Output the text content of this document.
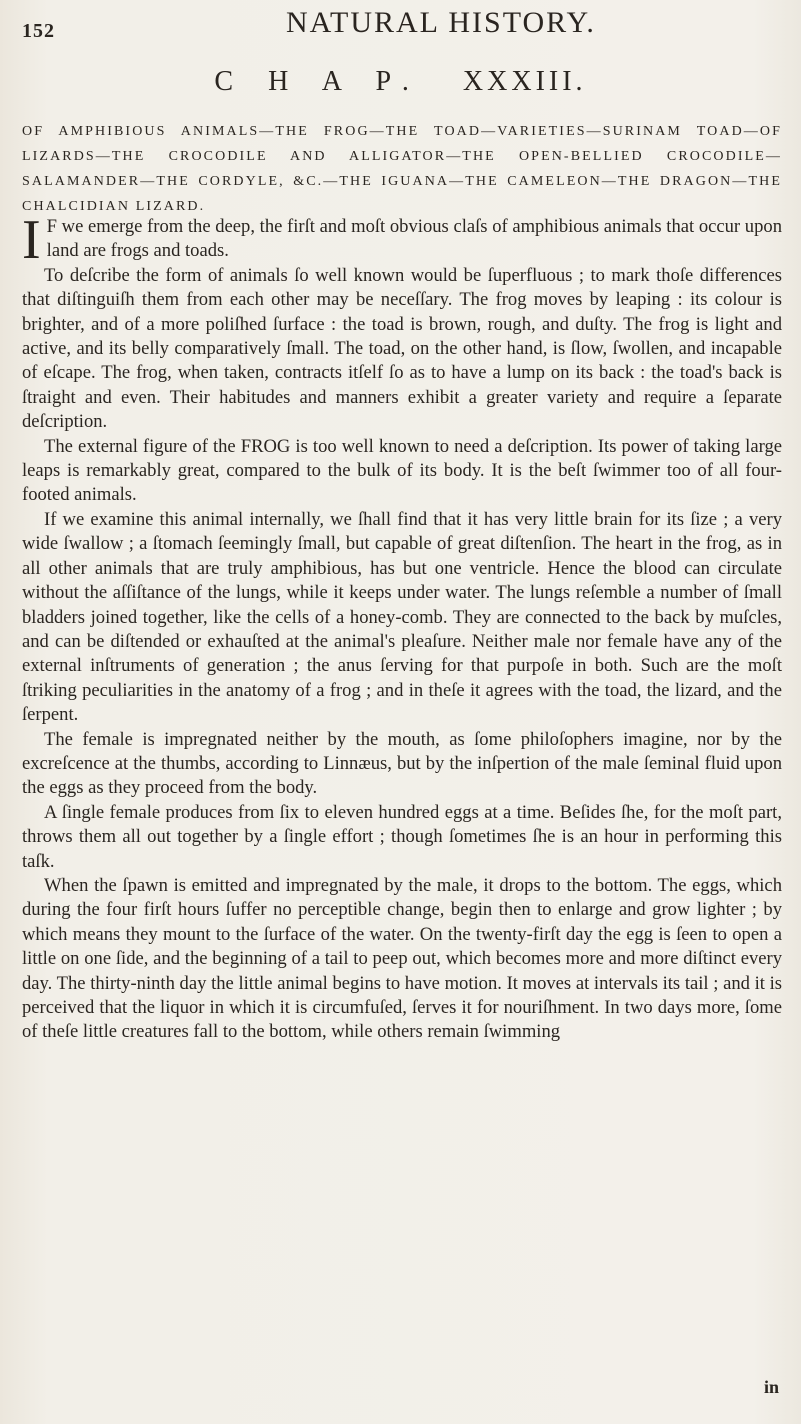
152	NATURAL HISTORY.
C H A P. XXXIII.
OF AMPHIBIOUS ANIMALS—THE FROG—THE TOAD—VARIETIES—SURINAM TOAD—OF LIZARDS—THE CROCODILE AND ALLIGATOR—THE OPEN-BELLIED CROCODILE—SALAMANDER—THE CORDYLE, &C.—THE IGUANA—THE CAMELEON—THE DRAGON—THE CHALCIDIAN LIZARD.

I F we emerge from the deep, the firſt and moſt obvious claſs of amphibious animals that occur upon land are frogs and toads.

To deſcribe the form of animals ſo well known would be ſuperfluous ; to mark thoſe differences that diſtinguiſh them from each other may be neceſſary. The frog moves by leaping : its colour is brighter, and of a more poliſhed ſurface : the toad is brown, rough, and duſty. The frog is light and active, and its belly comparatively ſmall. The toad, on the other hand, is ſlow, ſwollen, and incapable of eſcape. The frog, when taken, contracts itſelf ſo as to have a lump on its back : the toad's back is ſtraight and even. Their habitudes and manners exhibit a greater variety and require a ſeparate deſcription.

The external figure of the FROG is too well known to need a deſcription. Its power of taking large leaps is remarkably great, compared to the bulk of its body. It is the beſt ſwimmer too of all four-footed animals.

If we examine this animal internally, we ſhall find that it has very little brain for its ſize ; a very wide ſwallow ; a ſtomach ſeemingly ſmall, but capable of great diſtenſion. The heart in the frog, as in all other animals that are truly amphibious, has but one ventricle. Hence the blood can circulate without the aſſiſtance of the lungs, while it keeps under water. The lungs reſemble a number of ſmall bladders joined together, like the cells of a honey-comb. They are connected to the back by muſcles, and can be diſtended or exhauſted at the animal's pleaſure. Neither male nor female have any of the external inſtruments of generation ; the anus ſerving for that purpoſe in both. Such are the moſt ſtriking peculiarities in the anatomy of a frog ; and in theſe it agrees with the toad, the lizard, and the ſerpent.

The female is impregnated neither by the mouth, as ſome philoſophers imagine, nor by the excreſcence at the thumbs, according to Linnæus, but by the inſpertion of the male ſeminal fluid upon the eggs as they proceed from the body.

A ſingle female produces from ſix to eleven hundred eggs at a time. Beſides ſhe, for the moſt part, throws them all out together by a ſingle effort ; though ſometimes ſhe is an hour in performing this taſk.

When the ſpawn is emitted and impregnated by the male, it drops to the bottom. The eggs, which during the four firſt hours ſuffer no perceptible change, begin then to enlarge and grow lighter ; by which means they mount to the ſurface of the water. On the twenty-firſt day the egg is ſeen to open a little on one ſide, and the beginning of a tail to peep out, which becomes more and more diſtinct every day. The thirty-ninth day the little animal begins to have motion. It moves at intervals its tail ; and it is perceived that the liquor in which it is circumfuſed, ſerves it for nouriſhment. In two days more, ſome of theſe little creatures fall to the bottom, while others remain ſwimming

in
